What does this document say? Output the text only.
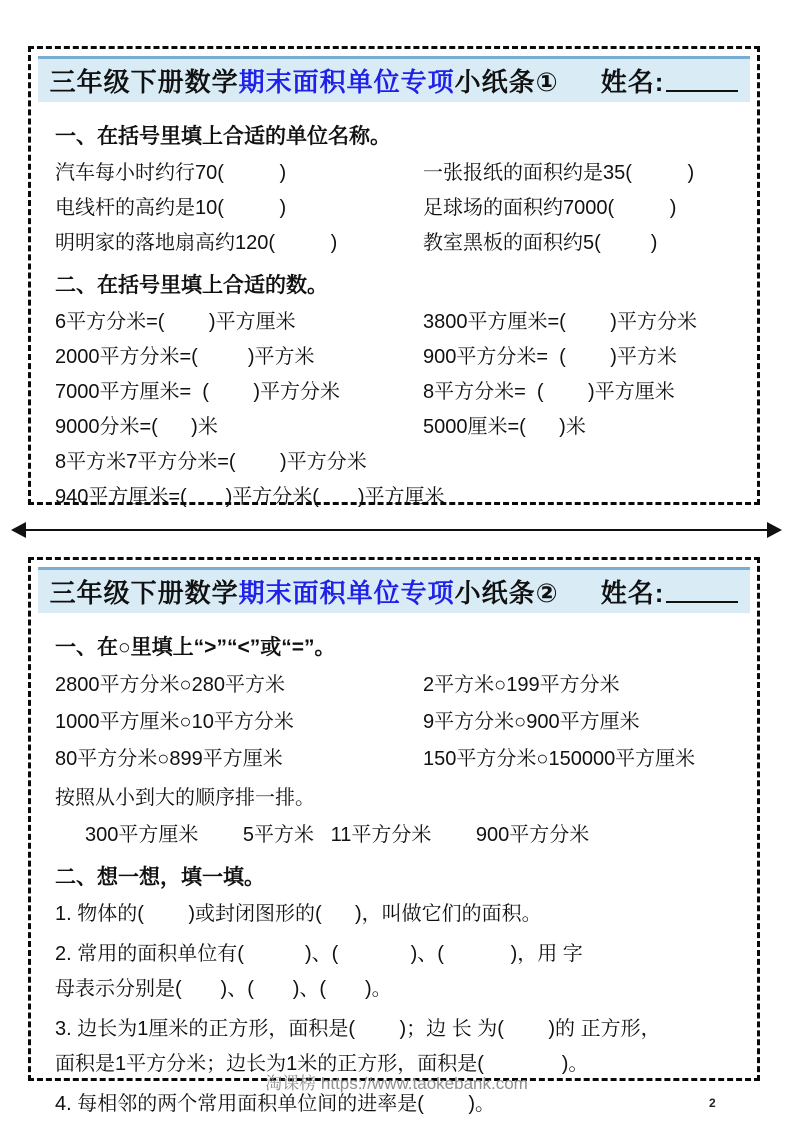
三年级下册数学 期末面积单位专项 小纸条① 姓名:
一、在括号里填上合适的单位名称。
汽车每小时约行70(          )	一张报纸的面积约是35(          )
电线杆的高约是10(          )	足球场的面积约7000(          )
明明家的落地扇高约120(          )	教室黑板的面积约5(         )
二、在括号里填上合适的数。
6平方分米=(        )平方厘米	3800平方厘米=(        )平方分米
2000平方分米=(         )平方米	900平方分米=  (        )平方米
7000平方厘米=  (        )平方分米	8平方分米=  (        )平方厘米
9000分米=(      )米	5000厘米=(      )米
8平方米7平方分米=(        )平方分米
940平方厘米=(       )平方分米(       )平方厘米
三年级下册数学 期末面积单位专项 小纸条② 姓名:
一、在○里填上“>”“<”或“=”。
2800平方分米○280平方米	2平方米○199平方分米
1000平方厘米○10平方分米	9平方分米○900平方厘米
80平方分米○899平方厘米	150平方分米○150000平方厘米
按照从小到大的顺序排一排。
300平方厘米        5平方米   11平方分米        900平方分米
二、想一想，填一填。
1. 物体的(        )或封闭图形的(      )，叫做它们的面积。
2. 常用的面积单位有(           )、(             )、(            )，用 字
母表示分别是(       )、(       )、(       )。
3. 边长为1厘米的正方形，面积是(        )；边 长 为(        )的 正方形，
面积是1平方分米；边长为1米的正方形，面积是(              )。
4. 每相邻的两个常用面积单位间的进率是(        )。
淘课榜 https://www.taokebank.com
2
